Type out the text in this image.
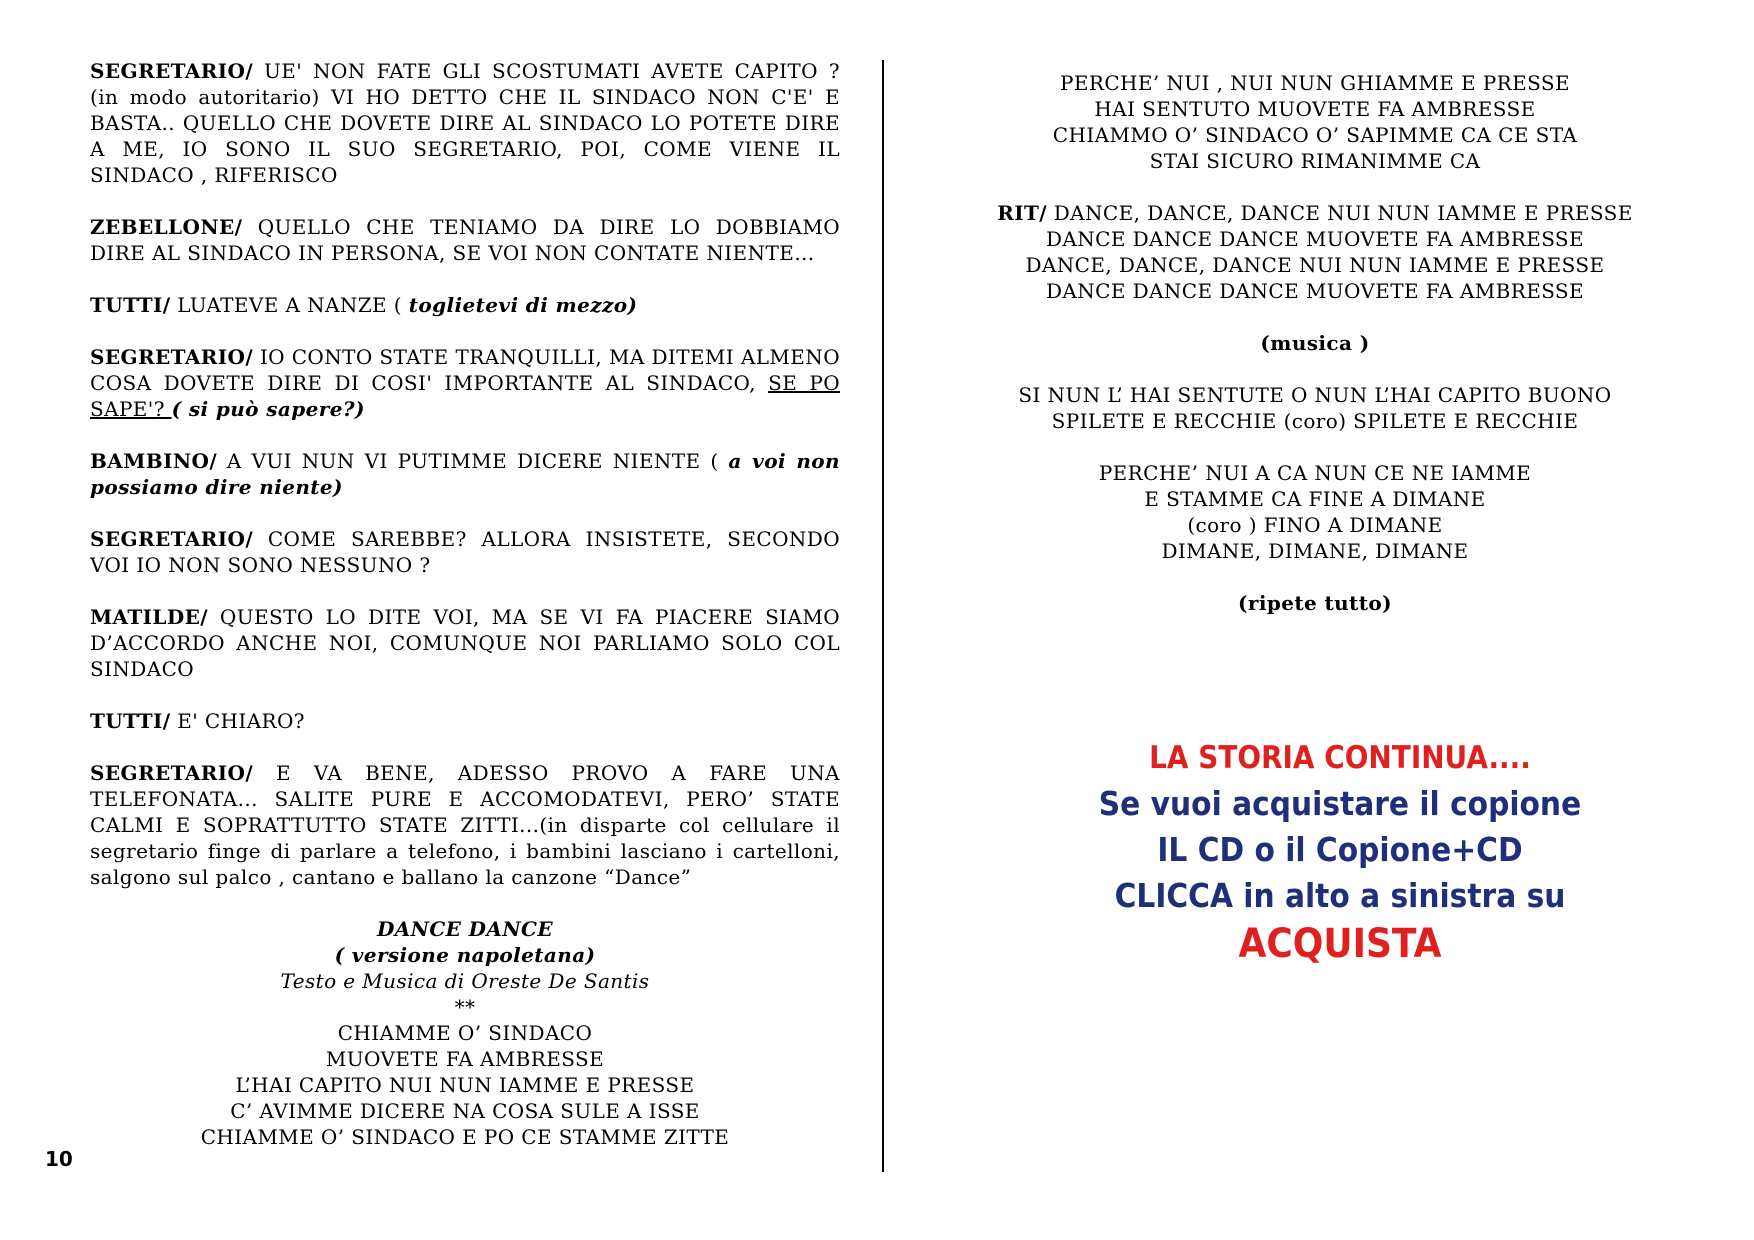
SEGRETARIO/ UE' NON FATE GLI SCOSTUMATI AVETE CAPITO ? (in modo autoritario) VI HO DETTO CHE IL SINDACO NON C'E' E BASTA.. QUELLO CHE DOVETE DIRE AL SINDACO LO POTETE DIRE A ME, IO SONO IL SUO SEGRETARIO, POI, COME VIENE IL SINDACO , RIFERISCO

ZEBELLONE/ QUELLO CHE TENIAMO DA DIRE LO DOBBIAMO DIRE AL SINDACO IN PERSONA, SE VOI NON CONTATE NIENTE…

TUTTI/ LUATEVE A NANZE ( toglietevi di mezzo)

SEGRETARIO/ IO CONTO STATE TRANQUILLI, MA DITEMI ALMENO COSA DOVETE DIRE DI COSI' IMPORTANTE AL SINDACO, SE PO SAPE'? ( si può sapere?)

BAMBINO/ A VUI NUN VI PUTIMME DICERE NIENTE ( a voi non possiamo dire niente)

SEGRETARIO/ COME SAREBBE? ALLORA INSISTETE, SECONDO VOI IO NON SONO NESSUNO ?

MATILDE/ QUESTO LO DITE VOI, MA SE VI FA PIACERE SIAMO D’ACCORDO ANCHE NOI, COMUNQUE NOI PARLIAMO SOLO COL SINDACO

TUTTI/ E' CHIARO?

SEGRETARIO/ E VA BENE, ADESSO PROVO A FARE UNA TELEFONATA... SALITE PURE E ACCOMODATEVI, PERO’ STATE CALMI E SOPRATTUTTO STATE ZITTI...(in disparte col cellulare il segretario finge di parlare a telefono, i bambini lasciano i cartelloni, salgono sul palco , cantano e ballano la canzone “Dance”

DANCE DANCE
( versione napoletana)
Testo e Musica di Oreste De Santis
**
CHIAMME O’ SINDACO
MUOVETE FA AMBRESSE
L’HAI CAPITO NUI NUN IAMME E PRESSE
C’ AVIMME DICERE NA COSA SULE A ISSE
CHIAMME O’ SINDACO E PO CE STAMME ZITTE
10
PERCHE’ NUI , NUI NUN GHIAMME E PRESSE
HAI SENTUTO MUOVETE FA AMBRESSE
CHIAMMO O’ SINDACO O’ SAPIMME CA CE STA
STAI SICURO RIMANIMME CA
RIT/ DANCE, DANCE, DANCE NUI NUN IAMME E PRESSE
DANCE DANCE DANCE MUOVETE FA AMBRESSE
DANCE, DANCE, DANCE NUI NUN IAMME E PRESSE
DANCE DANCE DANCE MUOVETE FA AMBRESSE
(musica )
SI NUN L’ HAI SENTUTE O NUN L’HAI CAPITO BUONO
SPILETE E RECCHIE (coro) SPILETE E RECCHIE
PERCHE’ NUI A CA NUN CE NE IAMME
E STAMME CA FINE A DIMANE
(coro ) FINO A DIMANE
DIMANE, DIMANE, DIMANE
(ripete tutto)
LA STORIA CONTINUA....
Se vuoi acquistare il copione
IL CD o il Copione+CD
CLICCA in alto a sinistra su
ACQUISTA
